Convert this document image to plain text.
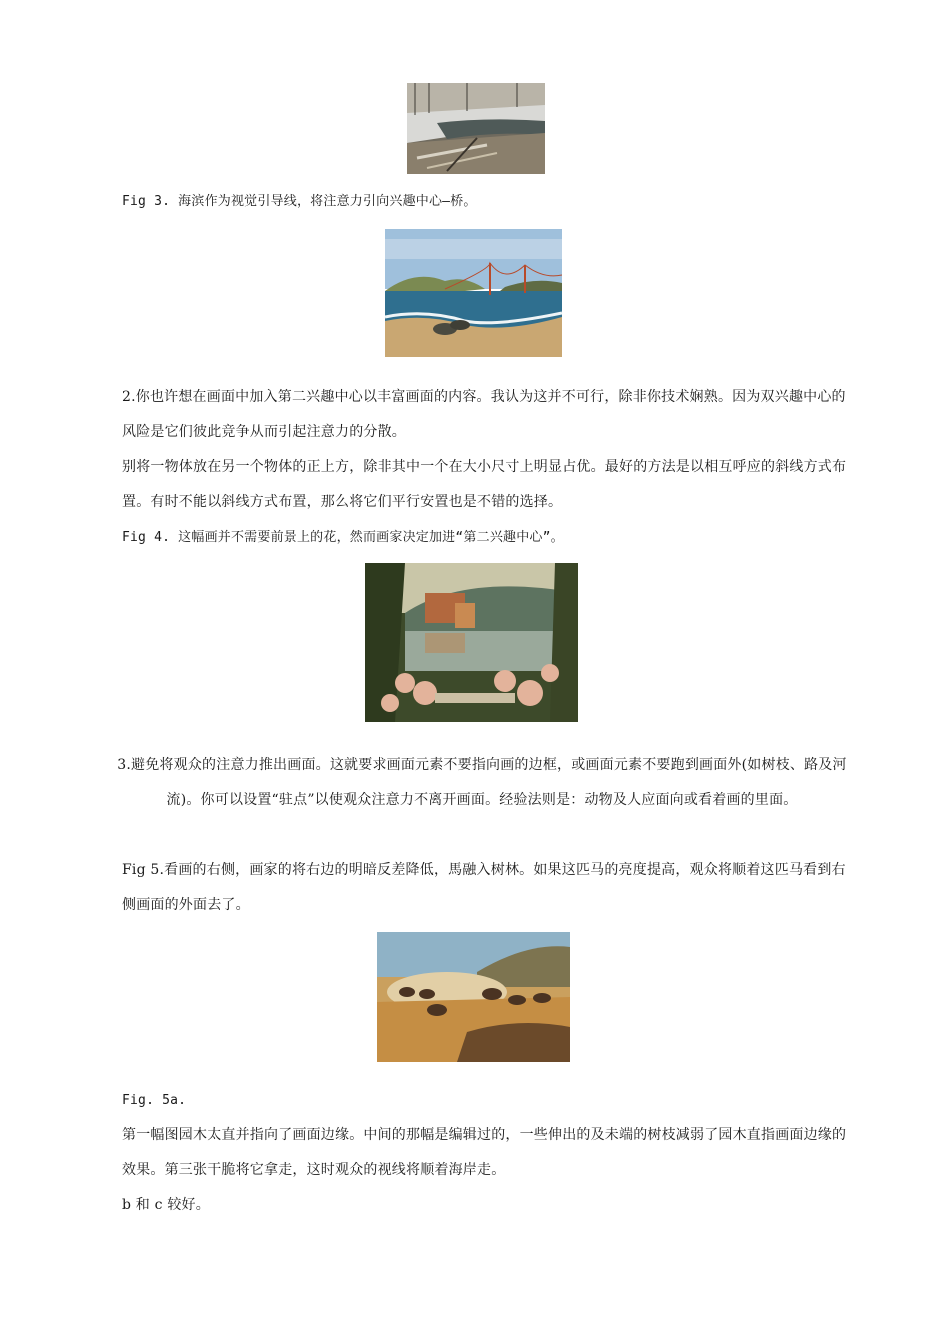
Fig 3. 海滨作为视觉引导线，将注意力引向兴趣中心—桥。
2.你也许想在画面中加入第二兴趣中心以丰富画面的内容。我认为这并不可行，除非你技术娴熟。因为双兴趣中心的风险是它们彼此竞争从而引起注意力的分散。
别将一物体放在另一个物体的正上方，除非其中一个在大小尺寸上明显占优。最好的方法是以相互呼应的斜线方式布置。有时不能以斜线方式布置，那么将它们平行安置也是不错的选择。
Fig 4. 这幅画并不需要前景上的花，然而画家决定加进“第二兴趣中心”。
3.避免将观众的注意力推出画面。这就要求画面元素不要指向画的边框，或画面元素不要跑到画面外(如树枝、路及河流)。你可以设置“驻点”以使观众注意力不离开画面。经验法则是：动物及人应面向或看着画的里面。
Fig 5.看画的右侧，画家的将右边的明暗反差降低，馬融入树林。如果这匹马的亮度提高，观众将顺着这匹马看到右侧画面的外面去了。
Fig. 5a.
第一幅图园木太直并指向了画面边缘。中间的那幅是编辑过的，一些伸出的及未端的树枝减弱了园木直指画面边缘的效果。第三张干脆将它拿走，这时观众的视线将顺着海岸走。
b 和 c 较好。
